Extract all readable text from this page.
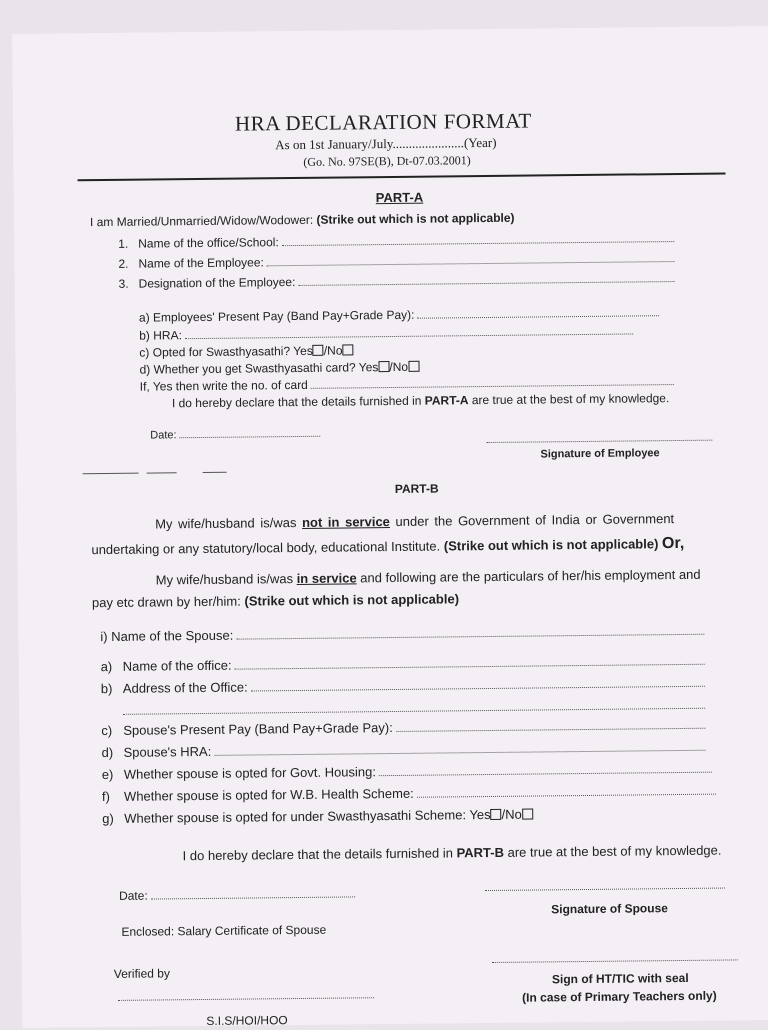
HRA DECLARATION FORMAT
As on 1st January/July......................(Year)
(Go. No. 97SE(B), Dt-07.03.2001)
PART-A
I am Married/Unmarried/Widow/Wodower: (Strike out which is not applicable)
1. Name of the office/School:
2. Name of the Employee:
3. Designation of the Employee:
a) Employees' Present Pay (Band Pay+Grade Pay):
b) HRA:
c) Opted for Swasthyasathi? Yes /No
d) Whether you get Swasthyasathi card? Yes /No
If, Yes then write the no. of card
I do hereby declare that the details furnished in PART-A are true at the best of my knowledge.
Date:
Signature of Employee
PART-B
My wife/husband is/was not in service under the Government of India or Government
undertaking or any statutory/local body, educational Institute. (Strike out which is not applicable) Or,
My wife/husband is/was in service and following are the particulars of her/his employment and
pay etc drawn by her/him: (Strike out which is not applicable)
i) Name of the Spouse:
a) Name of the office:
b) Address of the Office:
c) Spouse's Present Pay (Band Pay+Grade Pay):
d) Spouse's HRA:
e) Whether spouse is opted for Govt. Housing:
f)	Whether spouse is opted for W.B. Health Scheme:
g) Whether spouse is opted for under Swasthyasathi Scheme: Yes /No
I do hereby declare that the details furnished in PART-B are true at the best of my knowledge.
Date:
Signature of Spouse
Enclosed: Salary Certificate of Spouse
Verified by	Sign of HT/TIC with seal
(In case of Primary Teachers only)
S.I.S/HOI/HOO
